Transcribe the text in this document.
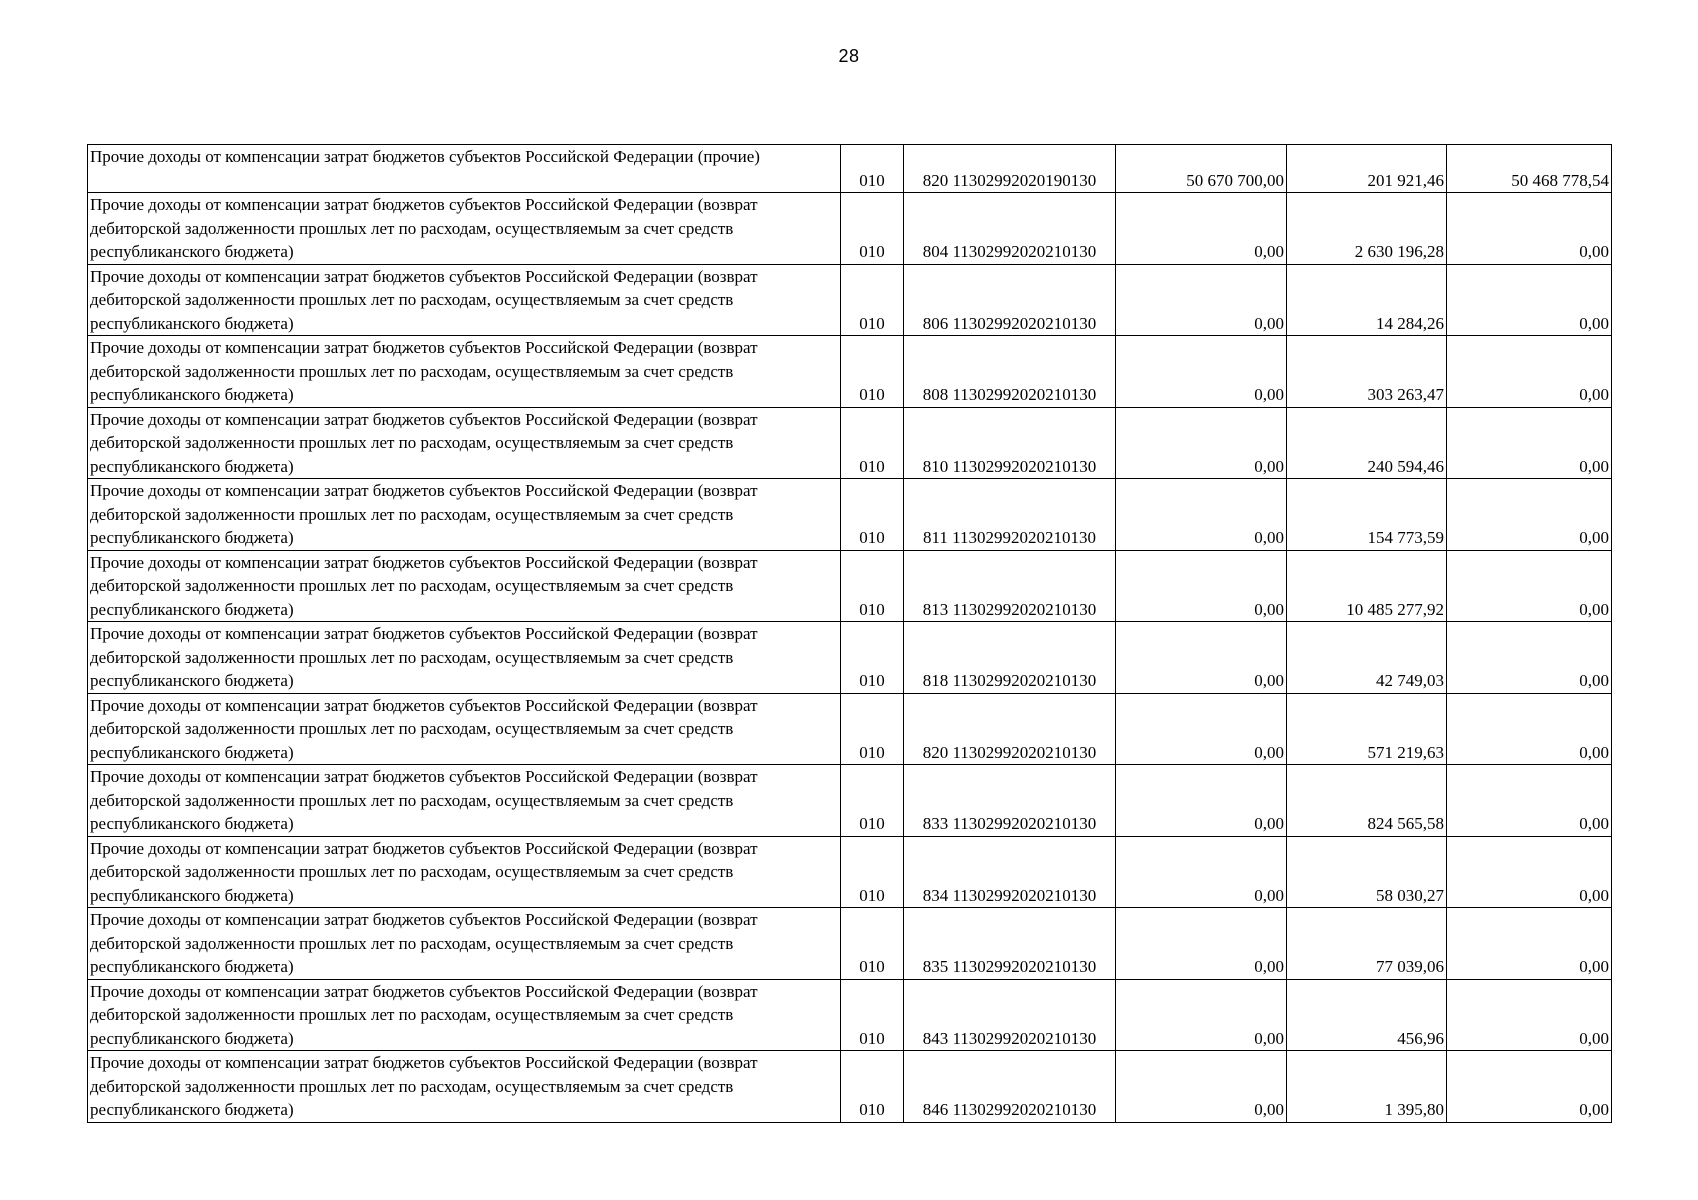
28
Прочие доходы от компенсации затрат бюджетов субъектов Российской Федерации (прочие)	010	820 11302992020190130	50 670 700,00	201 921,46	50 468 778,54
Прочие доходы от компенсации затрат бюджетов субъектов Российской Федерации (возврат дебиторской задолженности прошлых лет по расходам, осуществляемым за счет средств республиканского бюджета)	010	804 11302992020210130	0,00	2 630 196,28	0,00
Прочие доходы от компенсации затрат бюджетов субъектов Российской Федерации (возврат дебиторской задолженности прошлых лет по расходам, осуществляемым за счет средств республиканского бюджета)	010	806 11302992020210130	0,00	14 284,26	0,00
Прочие доходы от компенсации затрат бюджетов субъектов Российской Федерации (возврат дебиторской задолженности прошлых лет по расходам, осуществляемым за счет средств республиканского бюджета)	010	808 11302992020210130	0,00	303 263,47	0,00
Прочие доходы от компенсации затрат бюджетов субъектов Российской Федерации (возврат дебиторской задолженности прошлых лет по расходам, осуществляемым за счет средств республиканского бюджета)	010	810 11302992020210130	0,00	240 594,46	0,00
Прочие доходы от компенсации затрат бюджетов субъектов Российской Федерации (возврат дебиторской задолженности прошлых лет по расходам, осуществляемым за счет средств республиканского бюджета)	010	811 11302992020210130	0,00	154 773,59	0,00
Прочие доходы от компенсации затрат бюджетов субъектов Российской Федерации (возврат дебиторской задолженности прошлых лет по расходам, осуществляемым за счет средств республиканского бюджета)	010	813 11302992020210130	0,00	10 485 277,92	0,00
Прочие доходы от компенсации затрат бюджетов субъектов Российской Федерации (возврат дебиторской задолженности прошлых лет по расходам, осуществляемым за счет средств республиканского бюджета)	010	818 11302992020210130	0,00	42 749,03	0,00
Прочие доходы от компенсации затрат бюджетов субъектов Российской Федерации (возврат дебиторской задолженности прошлых лет по расходам, осуществляемым за счет средств республиканского бюджета)	010	820 11302992020210130	0,00	571 219,63	0,00
Прочие доходы от компенсации затрат бюджетов субъектов Российской Федерации (возврат дебиторской задолженности прошлых лет по расходам, осуществляемым за счет средств республиканского бюджета)	010	833 11302992020210130	0,00	824 565,58	0,00
Прочие доходы от компенсации затрат бюджетов субъектов Российской Федерации (возврат дебиторской задолженности прошлых лет по расходам, осуществляемым за счет средств республиканского бюджета)	010	834 11302992020210130	0,00	58 030,27	0,00
Прочие доходы от компенсации затрат бюджетов субъектов Российской Федерации (возврат дебиторской задолженности прошлых лет по расходам, осуществляемым за счет средств республиканского бюджета)	010	835 11302992020210130	0,00	77 039,06	0,00
Прочие доходы от компенсации затрат бюджетов субъектов Российской Федерации (возврат дебиторской задолженности прошлых лет по расходам, осуществляемым за счет средств республиканского бюджета)	010	843 11302992020210130	0,00	456,96	0,00
Прочие доходы от компенсации затрат бюджетов субъектов Российской Федерации (возврат дебиторской задолженности прошлых лет по расходам, осуществляемым за счет средств республиканского бюджета)	010	846 11302992020210130	0,00	1 395,80	0,00
